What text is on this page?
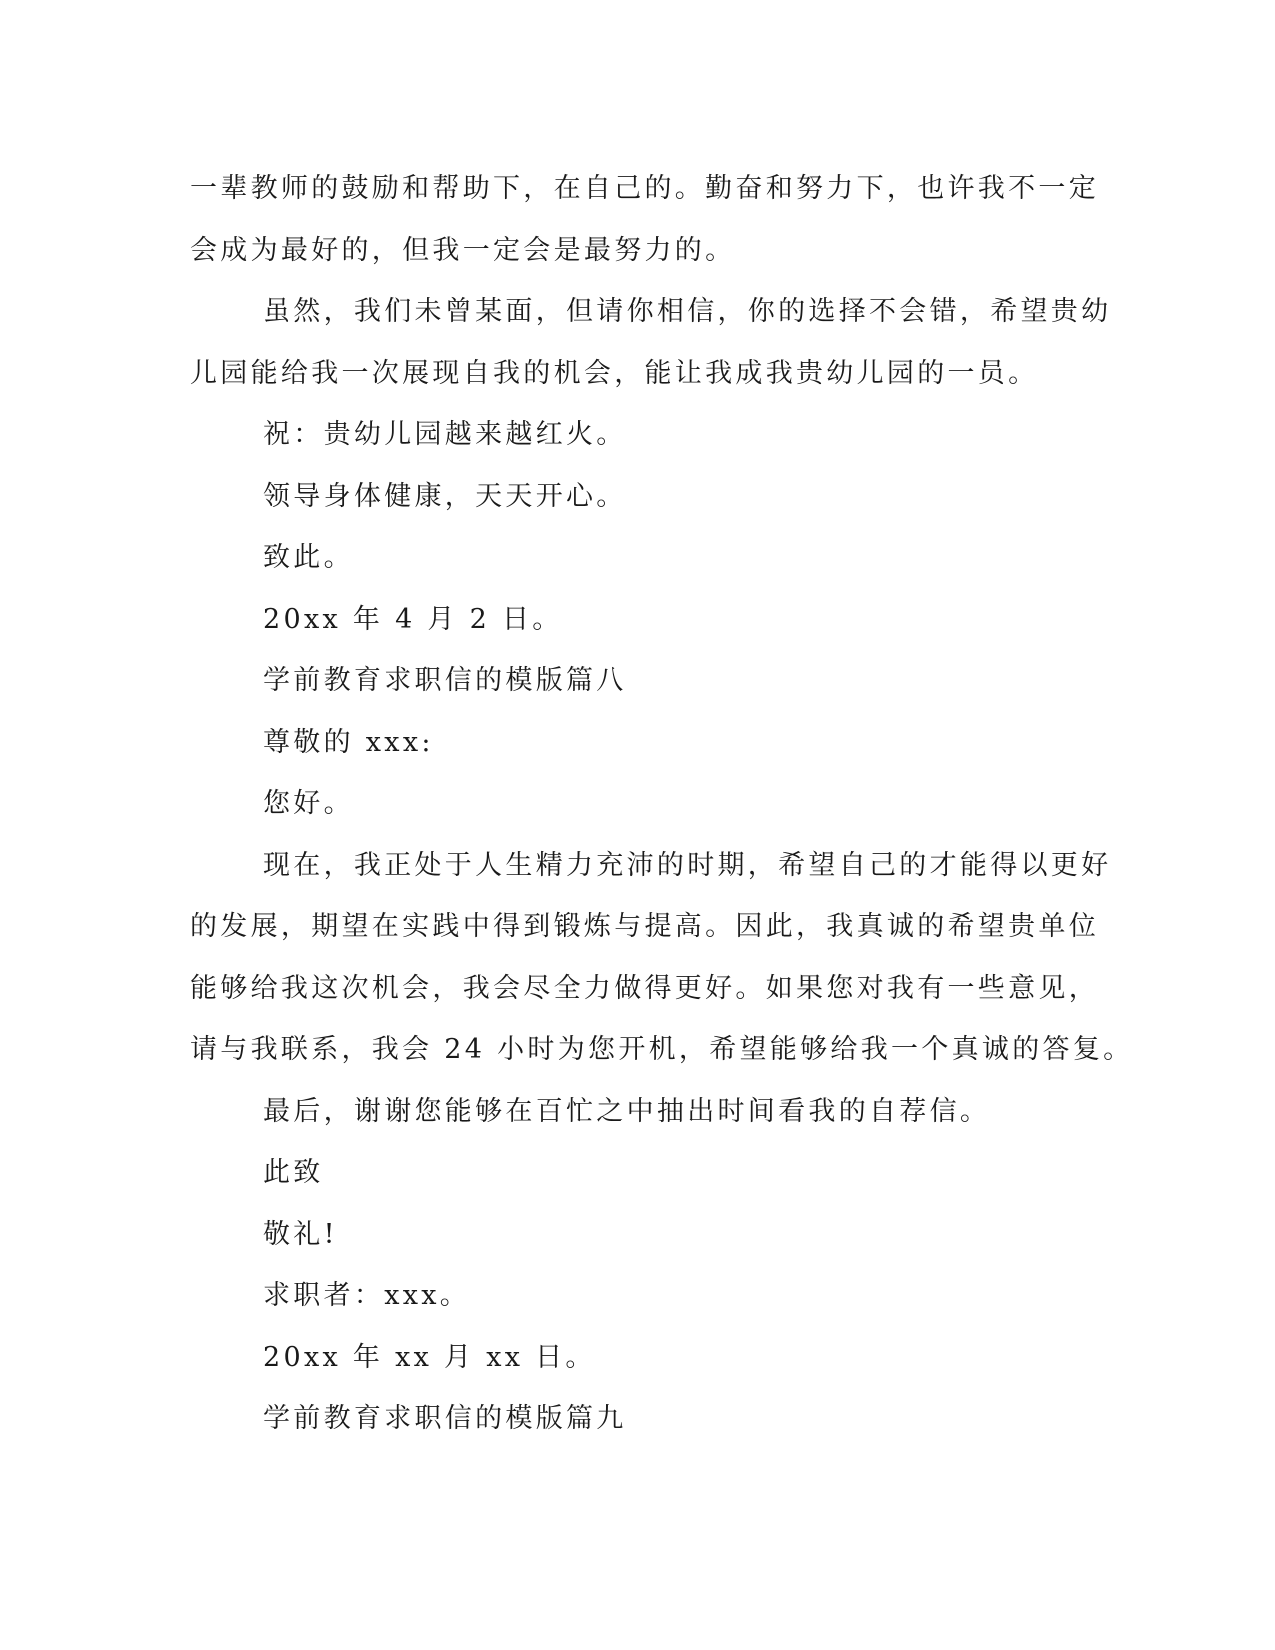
一辈教师的鼓励和帮助下，在自己的。勤奋和努力下，也许我不一定

会成为最好的，但我一定会是最努力的。

虽然，我们未曾某面，但请你相信，你的选择不会错，希望贵幼

儿园能给我一次展现自我的机会，能让我成我贵幼儿园的一员。

祝：贵幼儿园越来越红火。

领导身体健康，天天开心。

致此。

20xx 年 4 月 2 日。

学前教育求职信的模版篇八

尊敬的 xxx:

您好。

现在，我正处于人生精力充沛的时期，希望自己的才能得以更好

的发展，期望在实践中得到锻炼与提高。因此，我真诚的希望贵单位

能够给我这次机会，我会尽全力做得更好。如果您对我有一些意见，

请与我联系，我会 24 小时为您开机，希望能够给我一个真诚的答复。

最后，谢谢您能够在百忙之中抽出时间看我的自荐信。

此致

敬礼!

求职者：xxx。

20xx 年 xx 月 xx 日。

学前教育求职信的模版篇九
